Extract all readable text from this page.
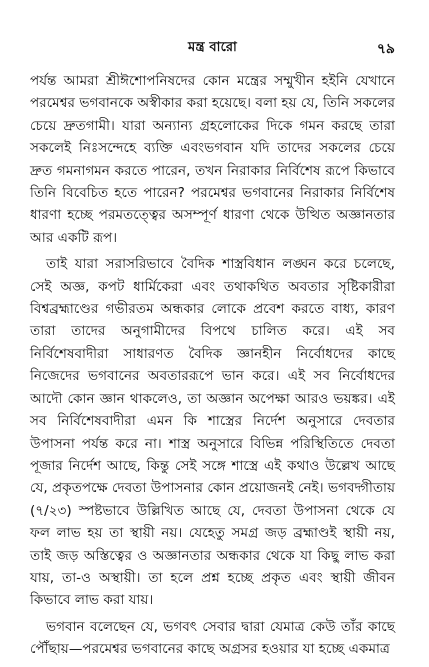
মন্ত্র বারো	৭৯

পর্যন্ত আমরা শ্রীঈশোপনিষদের কোন মন্ত্রের সম্মুখীন হইনি যেখানে পরমেশ্বর ভগবানকে অস্বীকার করা হয়েছে। বলা হয় যে, তিনি সকলের চেয়ে দ্রুতগামী। যারা অন্যান্য গ্রহলোকের দিকে গমন করছে তারা সকলেই নিঃসন্দেহে ব্যক্তি এবংভগবান যদি তাদের সকলের চেয়ে দ্রুত গমনাগমন করতে পারেন, তখন নিরাকার নির্বিশেষ রূপে কিভাবে তিনি বিবেচিত হতে পারেন? পরমেশ্বর ভগবানের নিরাকার নির্বিশেষ ধারণা হচ্ছে পরমতত্ত্বের অসম্পূর্ণ ধারণা থেকে উত্থিত অজ্ঞানতার আর একটি রূপ।

তাই যারা সরাসরিভাবে বৈদিক শাস্ত্রবিধান লঙ্ঘন করে চলেছে, সেই অজ্ঞ, কপট ধার্মিকেরা এবং তথাকথিত অবতার সৃষ্টিকারীরা বিশ্বব্রহ্মাণ্ডের গভীরতম অন্ধকার লোকে প্রবেশ করতে বাধ্য, কারণ তারা তাদের অনুগামীদের বিপথে চালিত করে। এই সব নির্বিশেষবাদীরা সাধারণত বৈদিক জ্ঞানহীন নির্বোধদের কাছে নিজেদের ভগবানের অবতাররূপে ভান করে। এই সব নির্বোধদের আদৌ কোন জ্ঞান থাকলেও, তা অজ্ঞান অপেক্ষা আরও ভয়ঙ্কর। এই সব নির্বিশেষবাদীরা এমন কি শাস্ত্রের নির্দেশ অনুসারে দেবতার উপাসনা পর্যন্ত করে না। শাস্ত্র অনুসারে বিভিন্ন পরিস্থিতিতে দেবতা পূজার নির্দেশ আছে, কিন্তু সেই সঙ্গে শাস্ত্রে এই কথাও উল্লেখ আছে যে, প্রকৃতপক্ষে দেবতা উপাসনার কোন প্রয়োজনই নেই। ভগবদ্গীতায় (৭/২৩) স্পষ্টভাবে উল্লিখিত আছে যে, দেবতা উপাসনা থেকে যে ফল লাভ হয় তা স্থায়ী নয়। যেহেতু সমগ্র জড় ব্রহ্মাণ্ডই স্থায়ী নয়, তাই জড় অস্তিত্বের ও অজ্ঞানতার অন্ধকার থেকে যা কিছু লাভ করা যায়, তা-ও অস্থায়ী। তা হলে প্রশ্ন হচ্ছে প্রকৃত এবং স্থায়ী জীবন কিভাবে লাভ করা যায়।

ভগবান বলেছেন যে, ভগবৎ সেবার দ্বারা যেমাত্র কেউ তাঁর কাছে পৌঁছায়—পরমেশ্বর ভগবানের কাছে অগ্রসর হওয়ার যা হচ্ছে একমাত্র
